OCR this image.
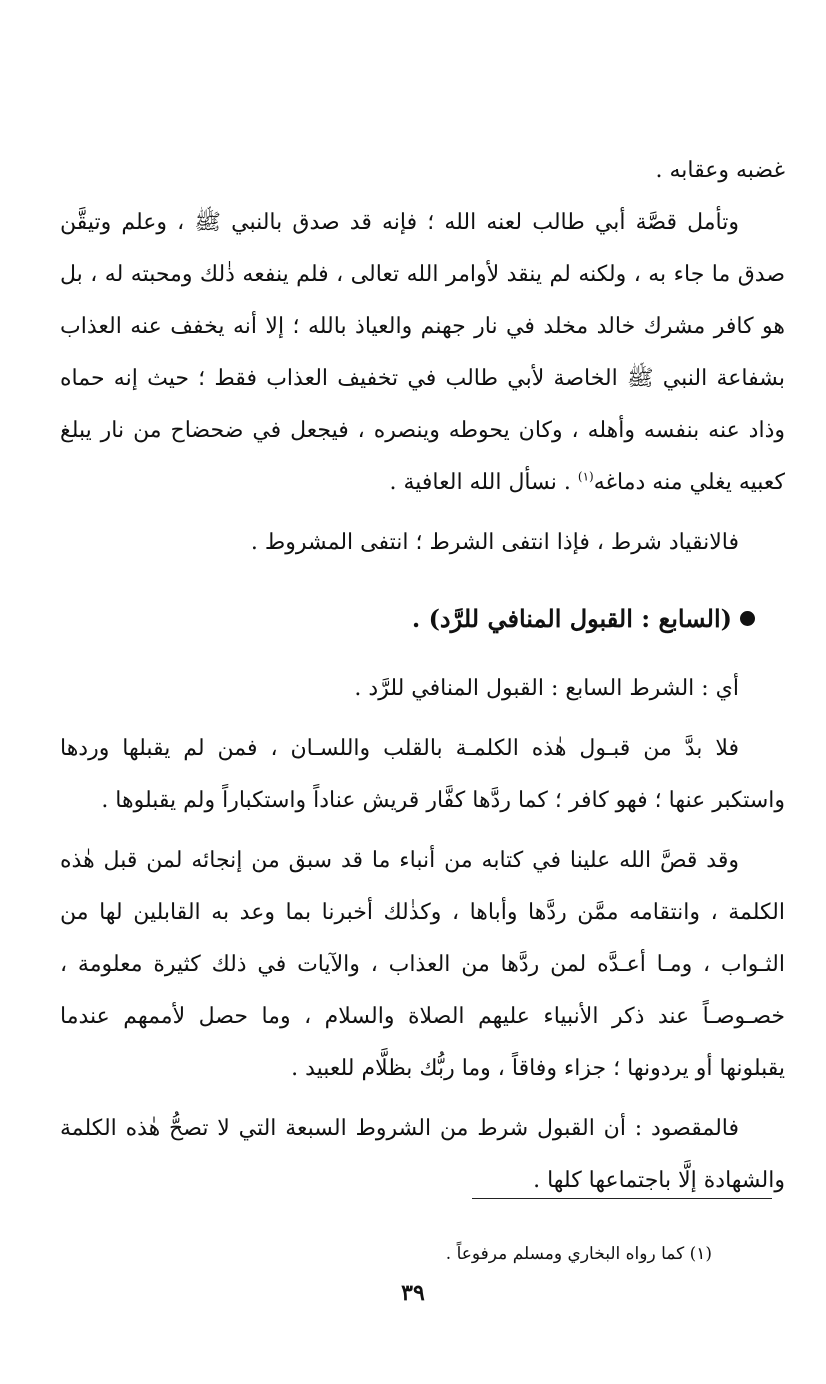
غضبه وعقابه .

وتأمل قصَّة أبي طالب لعنه الله ؛ فإنه قد صدق بالنبي ﷺ ، وعلم وتيقَّن صدق ما جاء به ، ولكنه لم ينقد لأوامر الله تعالى ، فلم ينفعه ذٰلك ومحبته له ، بل هو كافر مشرك خالد مخلد في نار جهنم والعياذ بالله ؛ إلا أنه يخفف عنه العذاب بشفاعة النبي ﷺ الخاصة لأبي طالب في تخفيف العذاب فقط ؛ حيث إنه حماه وذاد عنه بنفسه وأهله ، وكان يحوطه وينصره ، فيجعل في ضحضاح من نار يبلغ كعبيه يغلي منه دماغه$^{(١)}$ . نسأل الله العافية .

فالانقياد شرط ، فإذا انتفى الشرط ؛ انتفى المشروط .

(السابع : القبول المنافي للرَّد) .

أي : الشرط السابع : القبول المنافي للرَّد .

فلا بدَّ من قبـول هٰذه الكلمـة بالقلب واللسـان ، فمن لم يقبلها وردها واستكبر عنها ؛ فهو كافر ؛ كما ردَّها كفَّار قريش عناداً واستكباراً ولم يقبلوها .

وقد قصَّ الله علينا في كتابه من أنباء ما قد سبق من إنجائه لمن قبل هٰذه الكلمة ، وانتقامه ممَّن ردَّها وأباها ، وكذٰلك أخبرنا بما وعد به القابلين لها من الثـواب ، ومـا أعـدَّه لمن ردَّها من العذاب ، والآيات في ذلك كثيرة معلومة ، خصـوصـاً عند ذكر الأنبياء عليهم الصلاة والسلام ، وما حصل لأممهم عندما يقبلونها أو يردونها ؛ جزاء وفاقاً ، وما ربُّك بظلَّام للعبيد .

فالمقصود : أن القبول شرط من الشروط السبعة التي لا تصحُّ هٰذه الكلمة والشهادة إلَّا باجتماعها كلها .

(١) كما رواه البخاري ومسلم مرفوعاً .

٣٩
